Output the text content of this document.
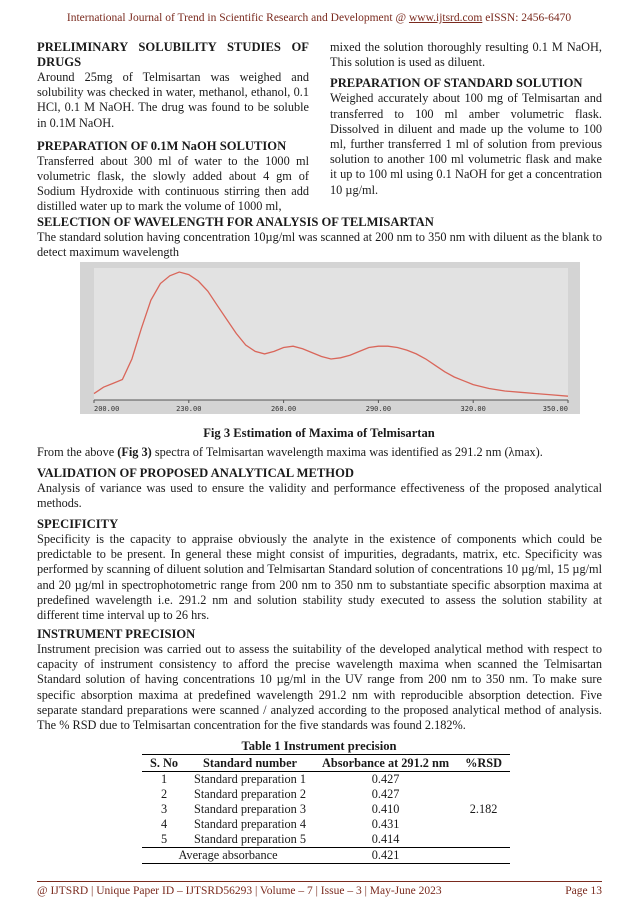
International Journal of Trend in Scientific Research and Development @ www.ijtsrd.com eISSN: 2456-6470

PRELIMINARY SOLUBILITY STUDIES OF DRUGS

Around 25mg of Telmisartan was weighed and solubility was checked in water, methanol, ethanol, 0.1 HCl, 0.1 M NaOH. The drug was found to be soluble in 0.1M NaOH.

PREPARATION OF 0.1M NaOH SOLUTION

Transferred about 300 ml of water to the 1000 ml volumetric flask, the slowly added about 4 gm of Sodium Hydroxide with continuous stirring then add distilled water up to mark the volume of 1000 ml,

mixed the solution thoroughly resulting 0.1 M NaOH, This solution is used as diluent.

PREPARATION OF STANDARD SOLUTION

Weighed accurately about 100 mg of Telmisartan and transferred to 100 ml amber volumetric flask. Dissolved in diluent and made up the volume to 100 ml, further transferred 1 ml of solution from previous solution to another 100 ml volumetric flask and make it up to 100 ml using 0.1 NaOH for get a concentration 10 µg/ml.

SELECTION OF WAVELENGTH FOR ANALYSIS OF TELMISARTAN

The standard solution having concentration 10µg/ml was scanned at 200 nm to 350 nm with diluent as the blank to detect maximum wavelength

200.00	230.00	260.00	290.00	320.00	350.00
Fig 3 Estimation of Maxima of Telmisartan

From the above (Fig 3) spectra of Telmisartan wavelength maxima was identified as 291.2 nm (λmax).

VALIDATION OF PROPOSED ANALYTICAL METHOD

Analysis of variance was used to ensure the validity and performance effectiveness of the proposed analytical methods.

SPECIFICITY

Specificity is the capacity to appraise obviously the analyte in the existence of components which could be predictable to be present. In general these might consist of impurities, degradants, matrix, etc. Specificity was performed by scanning of diluent solution and Telmisartan Standard solution of concentrations 10 µg/ml, 15 µg/ml and 20 µg/ml in spectrophotometric range from 200 nm to 350 nm to substantiate specific absorption maxima at predefined wavelength i.e. 291.2 nm and solution stability study executed to assess the solution stability at different time interval up to 26 hrs.

INSTRUMENT PRECISION

Instrument precision was carried out to assess the suitability of the developed analytical method with respect to capacity of instrument consistency to afford the precise wavelength maxima when scanned the Telmisartan Standard solution of having concentrations 10 µg/ml in the UV range from 200 nm to 350 nm. To make sure specific absorption maxima at predefined wavelength 291.2 nm with reproducible absorption detection. Five separate standard preparations were scanned / analyzed according to the proposed analytical method of analysis. The % RSD due to Telmisartan concentration for the five standards was found 2.182%.

Table 1 Instrument precision
S. No	Standard number	Absorbance at 291.2 nm	%RSD
1	Standard preparation 1	0.427	2.182
2	Standard preparation 2	0.427	
3	Standard preparation 3	0.410	
4	Standard preparation 4	0.431	
5	Standard preparation 5	0.414	
Average absorbance		0.421	
@ IJTSRD | Unique Paper ID – IJTSRD56293 | Volume – 7 | Issue – 3 | May-June 2023	Page 13
